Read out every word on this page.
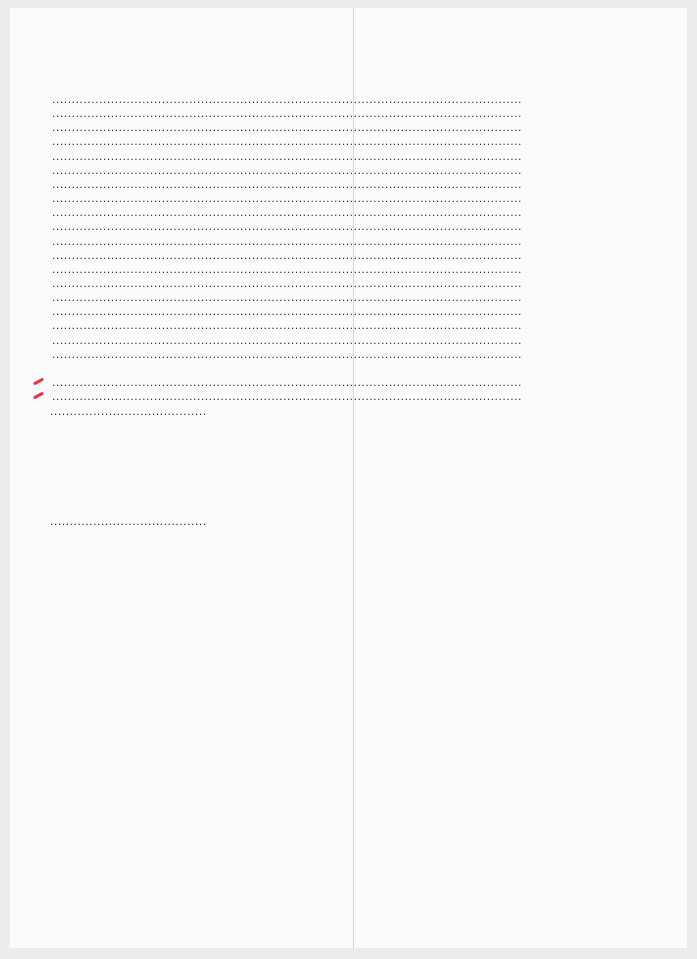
........................................................................................................................
........................................................................................................................
........................................................................................................................
........................................................................................................................
........................................................................................................................
........................................................................................................................
........................................................................................................................
........................................................................................................................
........................................................................................................................
........................................................................................................................
........................................................................................................................
........................................................................................................................
........................................................................................................................
........................................................................................................................
........................................................................................................................
........................................................................................................................
........................................................................................................................
........................................................................................................................
........................................................................................................................
........................................................................................................................
........................................................................................................................
........................................
........................................
